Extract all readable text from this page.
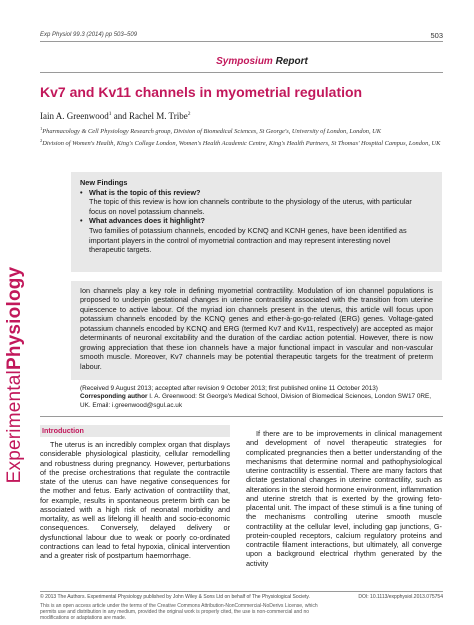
Exp Physiol 99.3 (2014) pp 503–509	503
ExperimentalPhysiology
Symposium Report
Kv7 and Kv11 channels in myometrial regulation
Iain A. Greenwood$^1$ and Rachel M. Tribe$^2$

$^1$Pharmacology & Cell Physiology Research group, Division of Biomedical Sciences, St George's, University of London, London, UK

$^2$Division of Women's Health, King's College London, Women's Health Academic Centre, King's Health Partners, St Thomas' Hospital Campus, London, UK

New Findings
• What is the topic of this review?
The topic of this review is how ion channels contribute to the physiology of the uterus, with particular focus on novel potassium channels.
• What advances does it highlight?
Two families of potassium channels, encoded by KCNQ and KCNH genes, have been identified as important players in the control of myometrial contraction and may represent interesting novel therapeutic targets.
Ion channels play a key role in defining myometrial contractility. Modulation of ion channel populations is proposed to underpin gestational changes in uterine contractility associated with the transition from uterine quiescence to active labour. Of the myriad ion channels present in the uterus, this article will focus upon potassium channels encoded by the KCNQ genes and ether-à-go-go-related (ERG) genes. Voltage-gated potassium channels encoded by KCNQ and ERG (termed Kv7 and Kv11, respectively) are accepted as major determinants of neuronal excitability and the duration of the cardiac action potential. However, there is now growing appreciation that these ion channels have a major functional impact in vascular and non-vascular smooth muscle. Moreover, Kv7 channels may be potential therapeutic targets for the treatment of preterm labour.
(Received 9 August 2013; accepted after revision 9 October 2013; first published online 11 October 2013)
Corresponding author I. A. Greenwood: St George's Medical School, Division of Biomedical Sciences, London SW17 0RE, UK. Email: i.greenwood@sgul.ac.uk
Introduction
The uterus is an incredibly complex organ that displays considerable physiological plasticity, cellular remodelling and robustness during pregnancy. However, perturbations of the precise orchestrations that regulate the contractile state of the uterus can have negative consequences for the mother and fetus. Early activation of contractility that, for example, results in spontaneous preterm birth can be associated with a high risk of neonatal morbidity and mortality, as well as lifelong ill health and socio-economic consequences. Conversely, delayed delivery or dysfunctional labour due to weak or poorly co-ordinated contractions can lead to fetal hypoxia, clinical intervention and a greater risk of postpartum haemorrhage.
If there are to be improvements in clinical management and development of novel therapeutic strategies for complicated pregnancies then a better understanding of the mechanisms that determine normal and pathophysiological uterine contractility is essential. There are many factors that dictate gestational changes in uterine contractility, such as alterations in the steroid hormone environment, inflammation and uterine stretch that is exerted by the growing feto-placental unit. The impact of these stimuli is a fine tuning of the mechanisms controlling uterine smooth muscle contractility at the cellular level, including gap junctions, G-protein-coupled receptors, calcium regulatory proteins and contractile filament interactions, but ultimately, all converge upon a background electrical rhythm generated by the activity
© 2013 The Authors. Experimental Physiology published by John Wiley & Sons Ltd on behalf of The Physiological Society.	DOI: 10.1113/expphysiol.2013.075754
This is an open access article under the terms of the Creative Commons Attribution-NonCommercial-NoDerivs License, which permits use and distribution in any medium, provided the original work is properly cited, the use is non-commercial and no modifications or adaptations are made.
